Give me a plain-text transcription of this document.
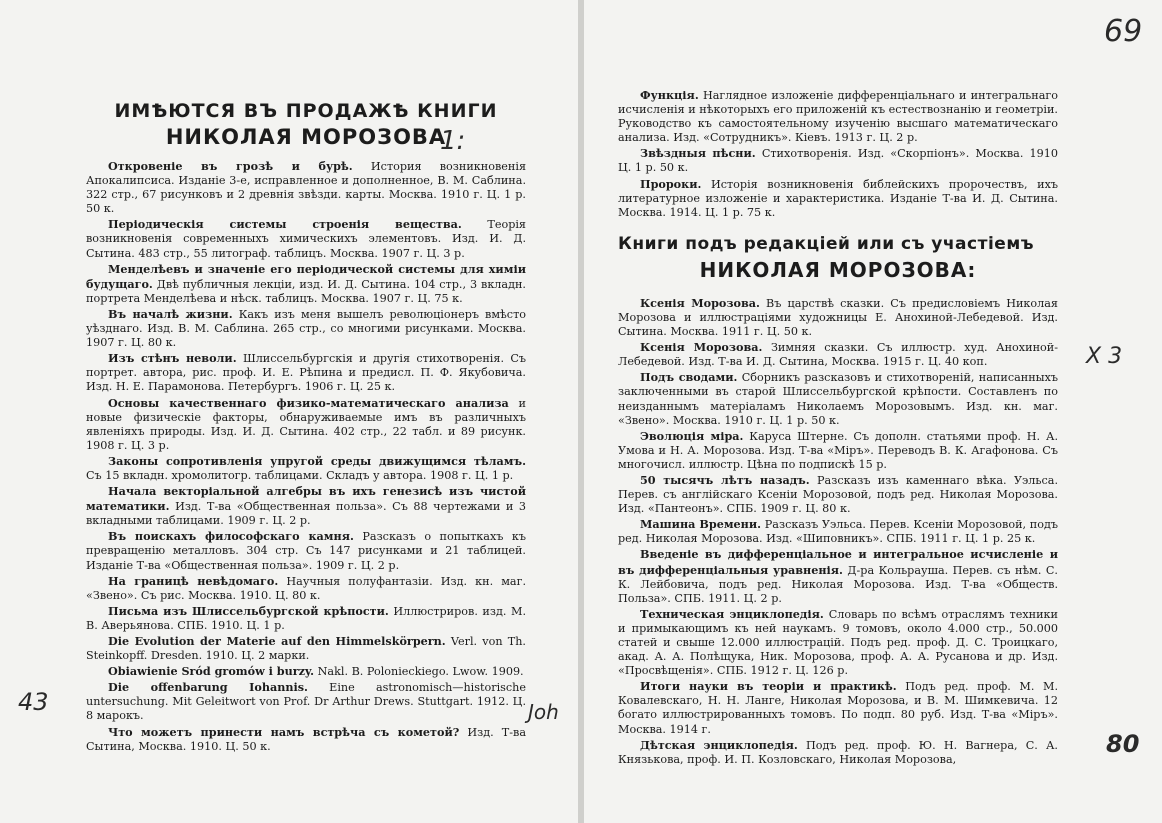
ИМѢЮТСЯ ВЪ ПРОДАЖѢ КНИГИ
НИКОЛАЯ МОРОЗОВА

Откровеніе въ грозѣ и бурѣ. История возникновенія Апокалипсиса. Изданіе 3-е, исправленное и дополненное, В. М. Саблина. 322 стр., 67 рисунковъ и 2 древнія звѣзди. карты. Москва. 1910 г. Ц. 1 р. 50 к.

Періодическія системы строенія вещества. Теорія возникновенія современныхъ химическихъ элементовъ. Изд. И. Д. Сытина. 483 стр., 55 литограф. таблицъ. Москва. 1907 г. Ц. 3 р.

Менделѣевъ и значеніе его періодической системы для химіи будущаго. Двѣ публичныя лекціи, изд. И. Д. Сытина. 104 стр., 3 вкладн. портрета Менделѣева и нѣск. таблицъ. Москва. 1907 г. Ц. 75 к.

Въ началѣ жизни. Какъ изъ меня вышелъ революціонеръ вмѣсто уѣзднаго. Изд. В. М. Саблина. 265 стр., со многими рисунками. Москва. 1907 г. Ц. 80 к.

Изъ стѣнъ неволи. Шлиссельбургскія и другія стихотворенія. Съ портрет. автора, рис. проф. И. Е. Рѣпина и предисл. П. Ф. Якубовича. Изд. Н. Е. Парамонова. Петербургъ. 1906 г. Ц. 25 к.

Основы качественнаго физико-математическаго анализа и новые физическіе факторы, обнаруживаемые имъ въ различныхъ явленіяхъ природы. Изд. И. Д. Сытина. 402 стр., 22 табл. и 89 рисунк. 1908 г. Ц. 3 р.

Законы сопротивленія упругой среды движущимся тѣламъ. Съ 15 вкладн. хромолитогр. таблицами. Складъ у автора. 1908 г. Ц. 1 р.

Начала векторіальной алгебры въ ихъ генезисѣ изъ чистой математики. Изд. Т-ва «Общественная польза». Съ 88 чертежами и 3 вкладными таблицами. 1909 г. Ц. 2 р.

Въ поискахъ философскаго камня. Разсказъ о попыткахъ къ превращенію металловъ. 304 стр. Съ 147 рисунками и 21 таблицей. Изданіе Т-ва «Общественная польза». 1909 г. Ц. 2 р.

На границѣ невѣдомаго. Научныя полуфантазіи. Изд. кн. маг. «Звено». Съ рис. Москва. 1910. Ц. 80 к.

Письма изъ Шлиссельбургской крѣпости. Иллюстриров. изд. М. В. Аверьянова. СПБ. 1910. Ц. 1 р.

Die Evolution der Materie auf den Himmelskörpern. Verl. von Th. Steinkopff. Dresden. 1910. Ц. 2 марки.

Obiawienie Sród gromów i burzy. Nakl. B. Poloniеckiego. Lwow. 1909.

Die offenbarung Iohannis. Eine astronomisch—historische untersuchung. Mit Geleitwort von Prof. Dr Arthur Drews. Stuttgart. 1912. Ц. 8 марокъ.

Что можетъ принести намъ встрѣча съ кометой? Изд. Т-ва Сытина, Москва. 1910. Ц. 50 к.

1:
43	Joh

Функція. Наглядное изложеніе дифференціальнаго и интегральнаго исчисленія и нѣкоторыхъ его приложеній къ естествознанію и геометріи. Руководство къ самостоятельному изученію высшаго математическаго анализа. Изд. «Сотрудникъ». Кіевъ. 1913 г. Ц. 2 р.

Звѣздныя пѣсни. Стихотворенія. Изд. «Скорпіонъ». Москва. 1910 Ц. 1 р. 50 к.

Пророки. Исторія возникновенія библейскихъ пророчествъ, ихъ литературное изложеніе и характеристика. Изданіе Т-ва И. Д. Сытина. Москва. 1914. Ц. 1 р. 75 к.

Книги подъ редакціей или съ участіемъ
НИКОЛАЯ МОРОЗОВА:

Ксенія Морозова. Въ царствѣ сказки. Съ предисловіемъ Николая Морозова и иллюстраціями художницы Е. Анохиной-Лебедевой. Изд. Сытина. Москва. 1911 г. Ц. 50 к.

Ксенія Морозова. Зимняя сказки. Съ иллюстр. худ. Анохиной-Лебедевой. Изд. Т-ва И. Д. Сытина, Москва. 1915 г. Ц. 40 коп.

Подъ сводами. Сборникъ разсказовъ и стихотвореній, написанныхъ заключенными въ старой Шлиссельбургской крѣпости. Составленъ по неизданнымъ матеріаламъ Николаемъ Морозовымъ. Изд. кн. маг. «Звено». Москва. 1910 г. Ц. 1 р. 50 к.

Эволюція міра. Каруса Штерне. Съ дополн. статьями проф. Н. А. Умова и Н. А. Морозова. Изд. Т-ва «Міръ». Переводъ В. К. Агафонова. Съ многочисл. иллюстр. Цѣна по подпискѣ 15 р.

50 тысячъ лѣтъ назадъ. Разсказъ изъ каменнаго вѣка. Уэльса. Перев. съ англійскаго Ксеніи Морозовой, подъ ред. Николая Морозова. Изд. «Пантеонъ». СПБ. 1909 г. Ц. 80 к.

Машина Времени. Разсказъ Уэльса. Перев. Ксеніи Морозовой, подъ ред. Николая Морозова. Изд. «Шиповникъ». СПБ. 1911 г. Ц. 1 р. 25 к.

Введеніе въ дифференціальное и интегральное исчисленіе и въ дифференціальныя уравненія. Д-ра Кольрауша. Перев. съ нѣм. С. К. Лейбовича, подъ ред. Николая Морозова. Изд. Т-ва «Обществ. Польза». СПБ. 1911. Ц. 2 р.

Техническая энциклопедія. Словарь по всѣмъ отраслямъ техники и примыкающимъ къ ней наукамъ. 9 томовъ, около 4.000 стр., 50.000 статей и свыше 12.000 иллюстрацій. Подъ ред. проф. Д. С. Троицкаго, акад. А. А. Полѣщука, Ник. Морозова, проф. А. А. Русанова и др. Изд. «Просвѣщенія». СПБ. 1912 г. Ц. 126 р.

Итоги науки въ теоріи и практикѣ. Подъ ред. проф. М. М. Ковалевскаго, Н. Н. Ланге, Николая Морозова, и В. М. Шимкевича. 12 богато иллюстрированныхъ томовъ. По подп. 80 руб. Изд. Т-ва «Міръ». Москва. 1914 г.

Дѣтская энциклопедія. Подъ ред. проф. Ю. Н. Вагнера, С. А. Князькова, проф. И. П. Козловскаго, Николая Морозова,

69
X 3
80
